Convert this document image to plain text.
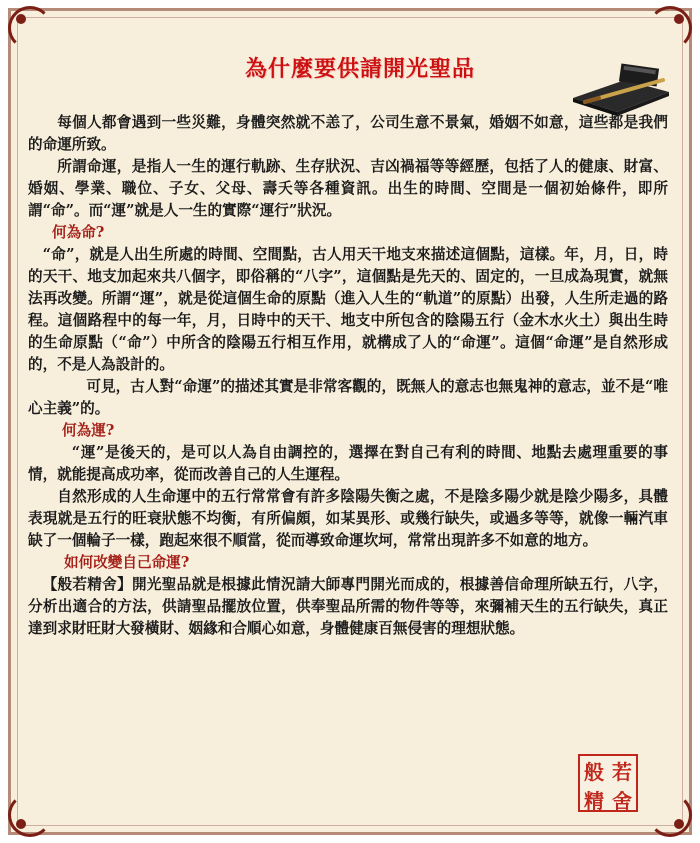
為什麼要供請開光聖品

每個人都會遇到一些災難，身體突然就不恙了，公司生意不景氣，婚姻不如意，這些都是我們的命運所致。

所謂命運，是指人一生的運行軌跡、生存狀況、吉凶禍福等等經歷，包括了人的健康、財富、婚姻、學業、職位、子女、父母、壽夭等各種資訊。出生的時間、空間是一個初始條件，即所謂“命”。而“運”就是人一生的實際“運行”狀況。

何為命?

“命”，就是人出生所處的時間、空間點，古人用天干地支來描述這個點，這樣。年，月，日，時的天干、地支加起來共八個字，即俗稱的“八字”，這個點是先天的、固定的，一旦成為現實，就無法再改變。所謂“運”，就是從這個生命的原點（進入人生的“軌道”的原點）出發，人生所走過的路程。這個路程中的每一年，月，日時中的天干、地支中所包含的陰陽五行（金木水火土）與出生時的生命原點（“命”）中所含的陰陽五行相互作用，就構成了人的“命運”。這個“命運”是自然形成的，不是人為設計的。

可見，古人對“命運”的描述其實是非常客觀的，既無人的意志也無鬼神的意志，並不是“唯心主義”的。

何為運?

“運”是後天的，是可以人為自由調控的，選擇在對自己有利的時間、地點去處理重要的事情，就能提高成功率，從而改善自己的人生運程。

自然形成的人生命運中的五行常常會有許多陰陽失衡之處，不是陰多陽少就是陰少陽多，具體表現就是五行的旺衰狀態不均衡，有所偏頗，如某異形、或幾行缺失，或過多等等，就像一輛汽車缺了一個輪子一樣，跑起來很不順當，從而導致命運坎坷，常常出現許多不如意的地方。

如何改變自己命運?

【般若精舍】開光聖品就是根據此情況請大師專門開光而成的，根據善信命理所缺五行，八字，分析出適合的方法，供請聖品擺放位置，供奉聖品所需的物件等等，來彌補天生的五行缺失，真正達到求財旺財大發橫財、姻緣和合順心如意，身體健康百無侵害的理想狀態。

般 若
精 舍
